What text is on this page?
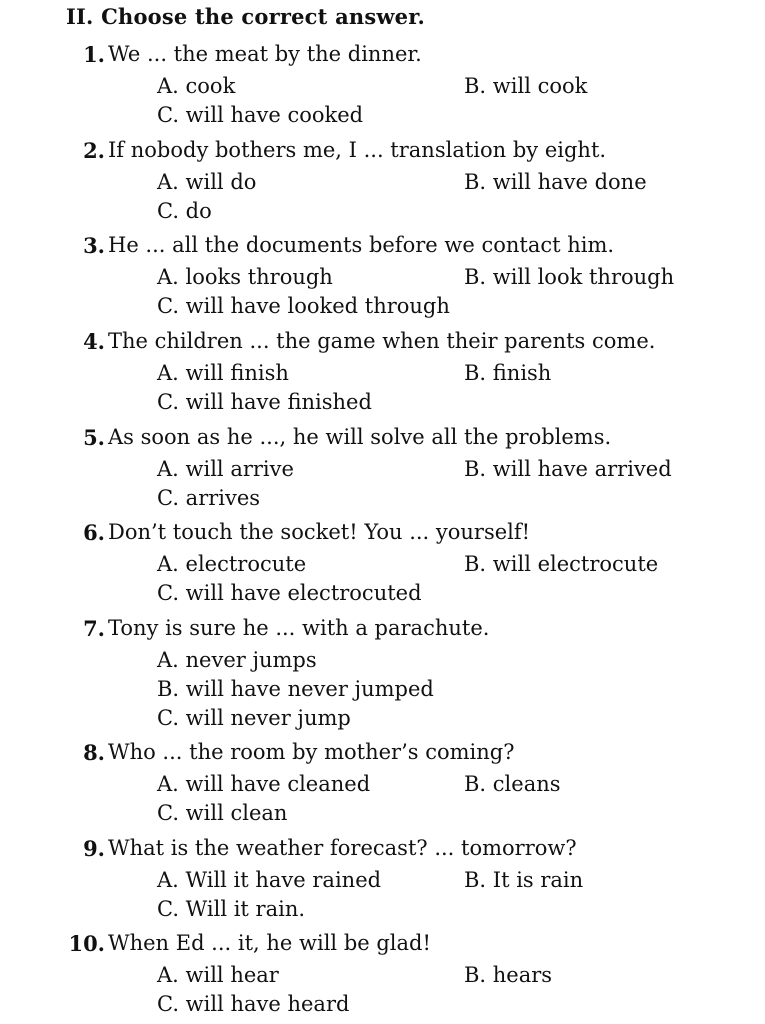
II. Choose the correct answer.
1. We ... the meat by the dinner.
A. cook	B. will cook
C. will have cooked
2. If nobody bothers me, I ... translation by eight.
A. will do	B. will have done
C. do
3. He ... all the documents before we contact him.
A. looks through	B. will look through
C. will have looked through
4. The children ... the game when their parents come.
A. will finish	B. finish
C. will have finished
5. As soon as he ..., he will solve all the problems.
A. will arrive	B. will have arrived
C. arrives
6. Don’t touch the socket! You ... yourself!
A. electrocute	B. will electrocute
C. will have electrocuted
7. Tony is sure he ... with a parachute.
A. never jumps
B. will have never jumped
C. will never jump
8. Who ... the room by mother’s coming?
A. will have cleaned	B. cleans
C. will clean
9. What is the weather forecast? ... tomorrow?
A. Will it have rained	B. It is rain
C. Will it rain.
10. When Ed ... it, he will be glad!
A. will hear	B. hears
C. will have heard
